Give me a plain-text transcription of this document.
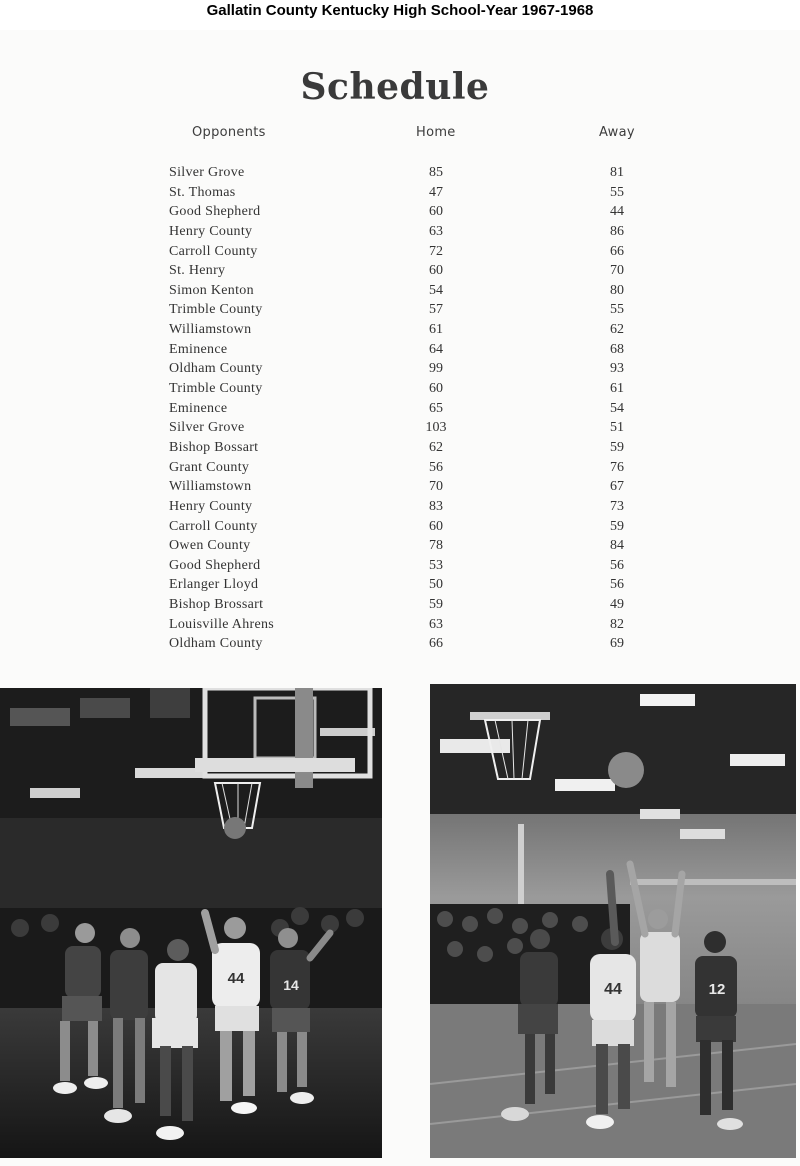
Gallatin County Kentucky High School-Year 1967-1968
Schedule
Opponents	Home	Away
Silver Grove	85	81
St. Thomas	47	55
Good Shepherd	60	44
Henry County	63	86
Carroll County	72	66
St. Henry	60	70
Simon Kenton	54	80
Trimble County	57	55
Williamstown	61	62
Eminence	64	68
Oldham County	99	93
Trimble County	60	61
Eminence	65	54
Silver Grove	103	51
Bishop Bossart	62	59
Grant County	56	76
Williamstown	70	67
Henry County	83	73
Carroll County	60	59
Owen County	78	84
Good Shepherd	53	56
Erlanger Lloyd	50	56
Bishop Brossart	59	49
Louisville Ahrens	63	82
Oldham County	66	69
44	14	44	12
